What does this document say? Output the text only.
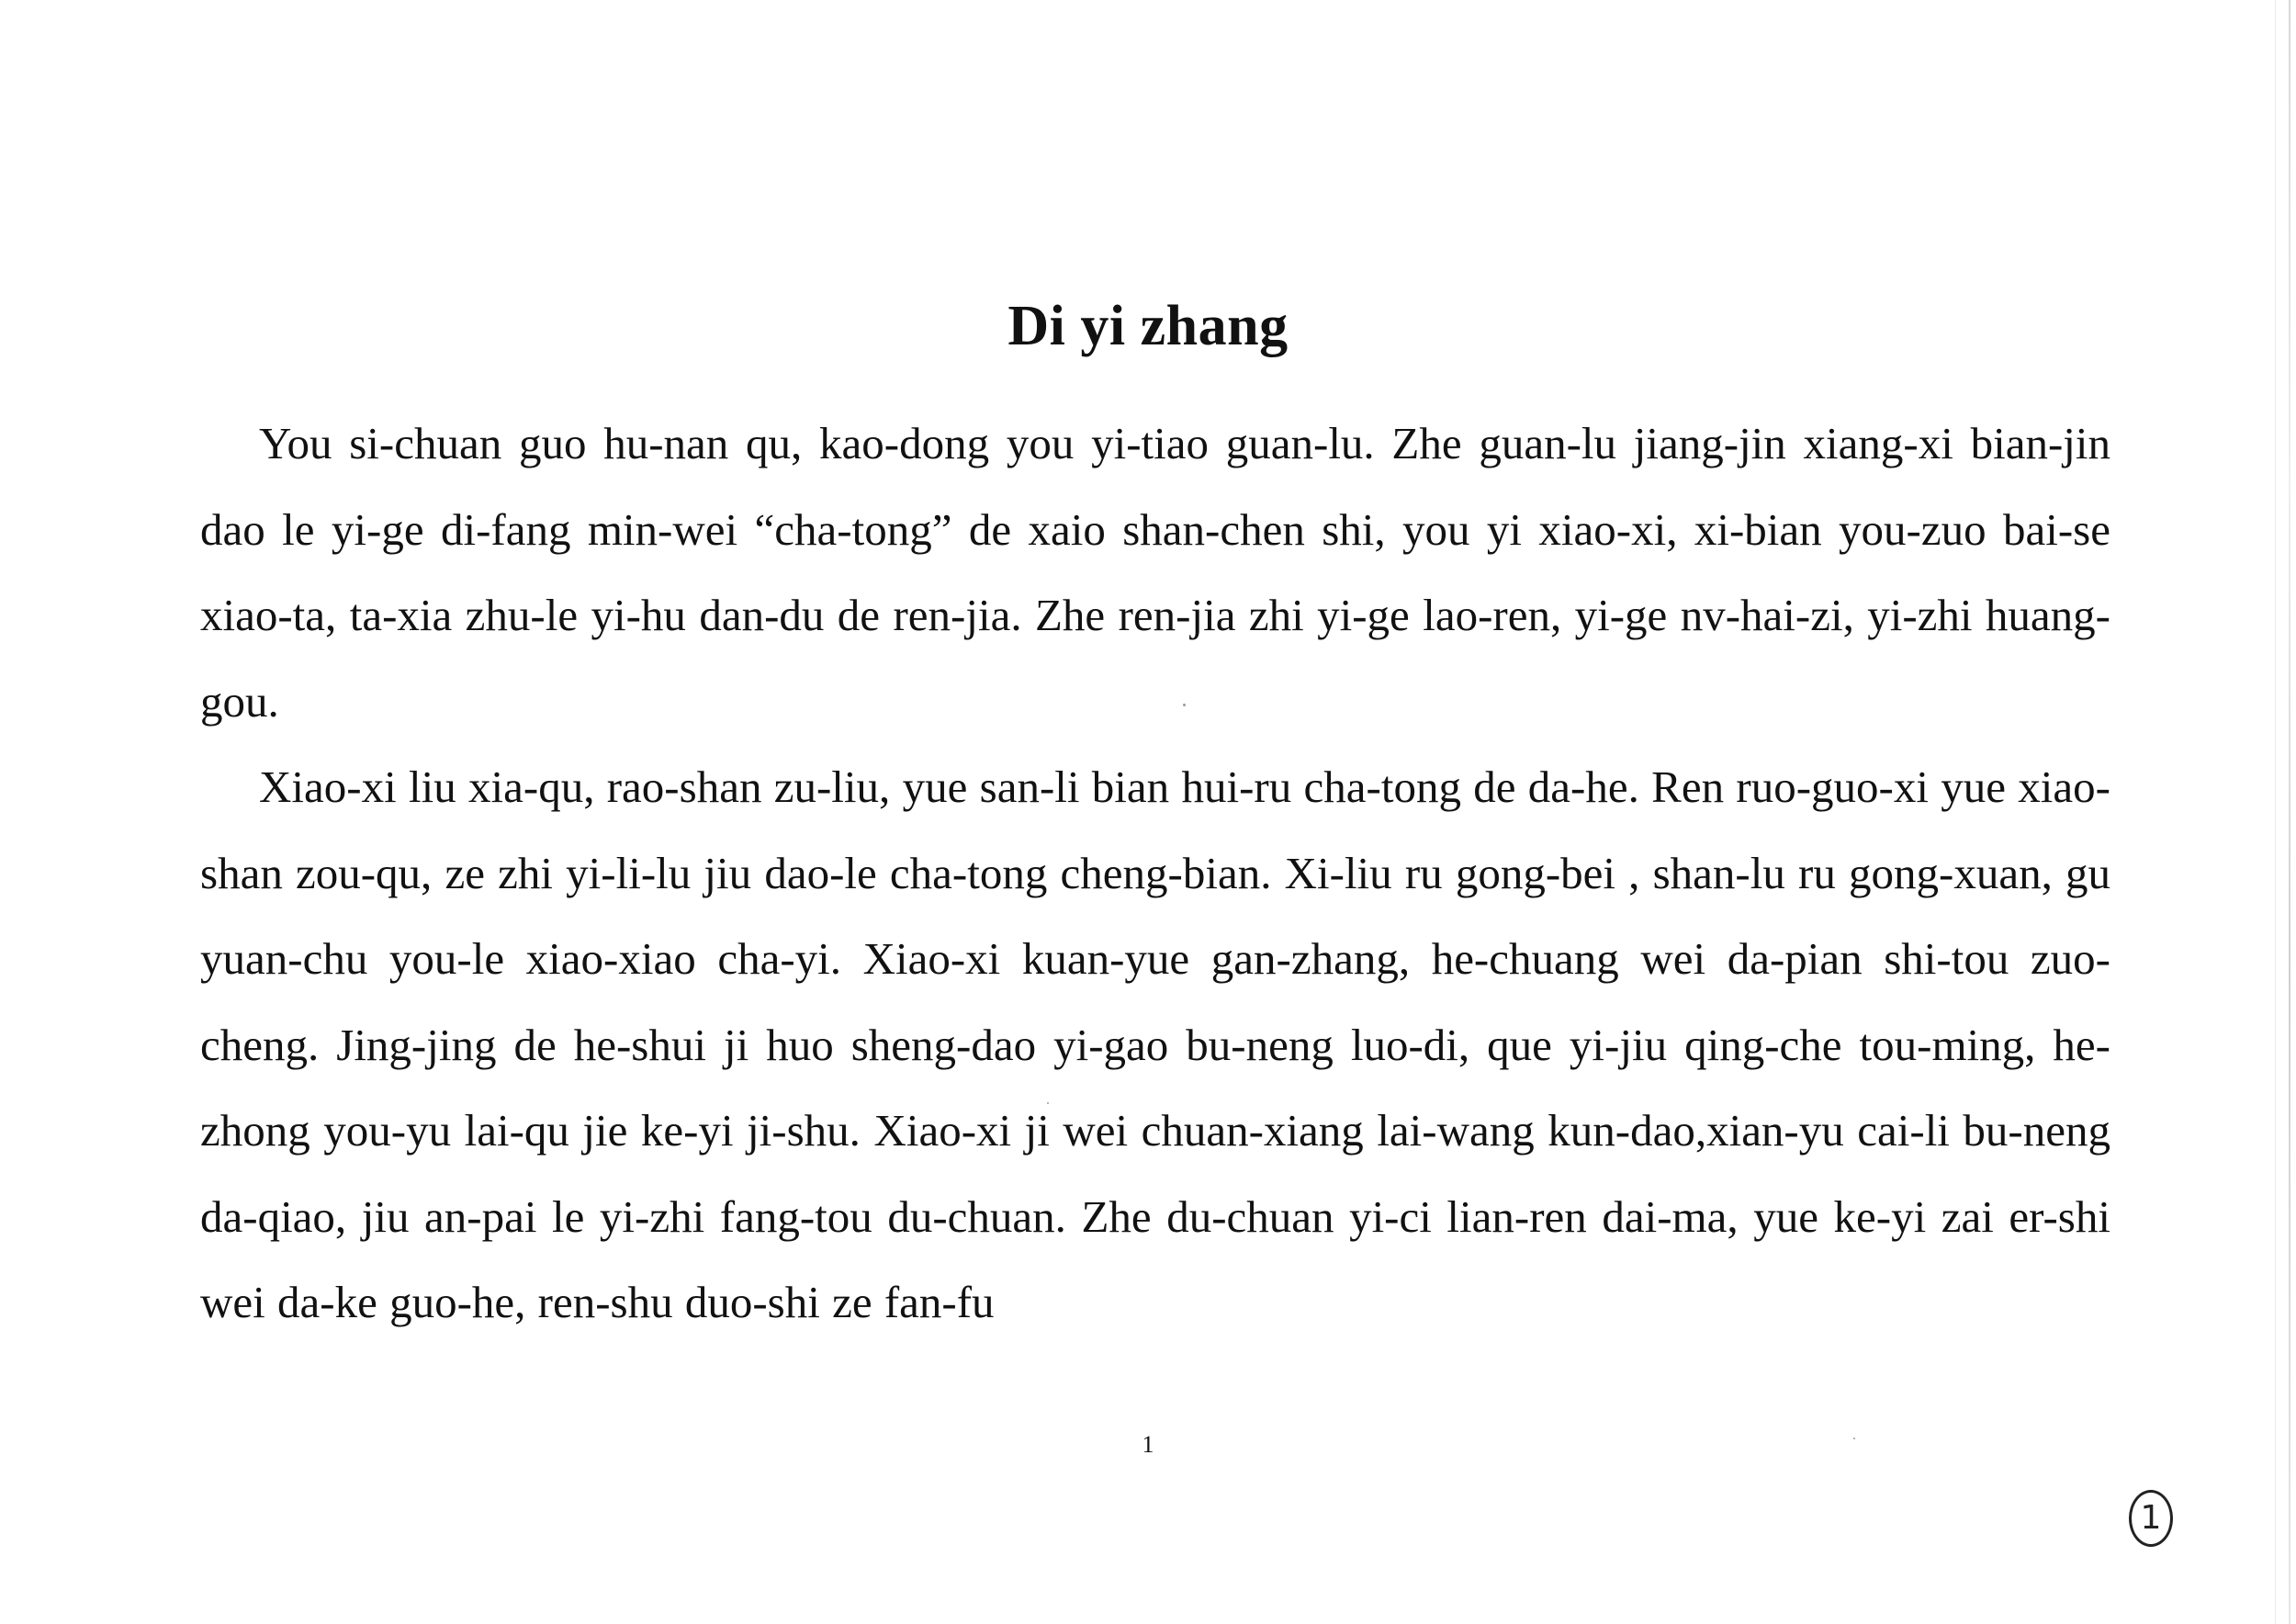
Di yi zhang

You si-chuan guo hu-nan qu, kao-dong you yi-tiao guan-lu. Zhe guan-lu jiang-jin xiang-xi bian-jin dao le yi-ge di-fang min-wei “cha-tong” de xaio shan-chen shi, you yi xiao-xi, xi-bian you-zuo bai-se xiao-ta, ta-xia zhu-le yi-hu dan-du de ren-jia. Zhe ren-jia zhi yi-ge lao-ren, yi-ge nv-hai-zi, yi-zhi huang-gou.

Xiao-xi liu xia-qu, rao-shan zu-liu, yue san-li bian hui-ru cha-tong de da-he. Ren ruo-guo-xi yue xiao-shan zou-qu, ze zhi yi-li-lu jiu dao-le cha-tong cheng-bian. Xi-liu ru gong-bei , shan-lu ru gong-xuan, gu yuan-chu you-le xiao-xiao cha-yi. Xiao-xi kuan-yue gan-zhang, he-chuang wei da-pian shi-tou zuo-cheng. Jing-jing de he-shui ji huo sheng-dao yi-gao bu-neng luo-di, que yi-jiu qing-che tou-ming, he-zhong you-yu lai-qu jie ke-yi ji-shu. Xiao-xi ji wei chuan-xiang lai-wang kun-dao,xian-yu cai-li bu-neng da-qiao, jiu an-pai le yi-zhi fang-tou du-chuan. Zhe du-chuan yi-ci lian-ren dai-ma, yue ke-yi zai er-shi wei da-ke guo-he, ren-shu duo-shi ze fan-fu

1
1
